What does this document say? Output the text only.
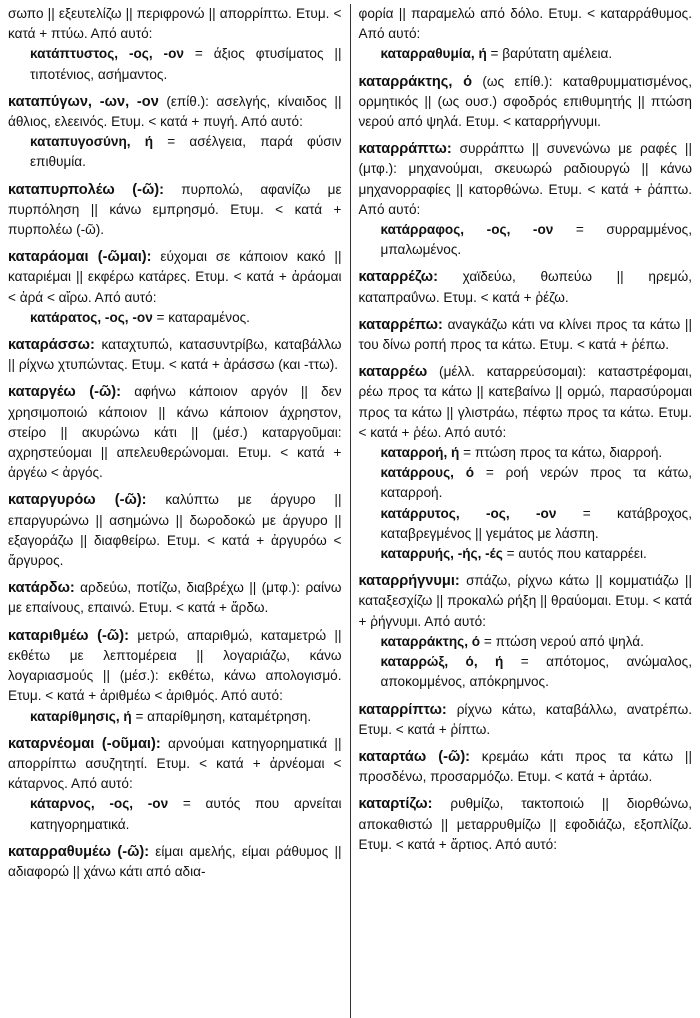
σωπο || εξευτελίζω || περιφρονώ || απορρίπτω. Ετυμ. < κατά + πτύω. Από αυτό:
κατάπτυστος, -ος, -ον = άξιος φτυσίματος || τιποτένιος, ασήμαντος.
καταπύγων, -ων, -ον (επίθ.): ασελγής, κίναιδος || άθλιος, ελεεινός. Ετυμ. < κατά + πυγή. Από αυτό:
καταπυγοσύνη, ή = ασέλγεια, παρά φύσιν επιθυμία.
καταπυρπολέω (-ῶ): πυρπολώ, αφανίζω με πυρπόληση || κάνω εμπρησμό. Ετυμ. < κατά + πυρπολέω (-ῶ).
καταράομαι (-ῶμαι): εύχομαι σε κάποιον κακό || καταριέμαι || εκφέρω κατάρες. Ετυμ. < κατά + ἀράομαι < ἀρά < αἴρω. Από αυτό:
κατάρατος, -ος, -ον = καταραμένος.
καταράσσω: καταχτυπώ, κατασυντρίβω, καταβάλλω || ρίχνω χτυπώντας. Ετυμ. < κατά + ἀράσσω (και -ττω).
καταργέω (-ῶ): αφήνω κάποιον αργόν || δεν χρησιμοποιώ κάποιον || κάνω κάποιον άχρηστον, στείρο || ακυρώνω κάτι || (μέσ.) καταργοῦμαι: αχρηστεύομαι || απελευθερώνομαι. Ετυμ. < κατά + ἀργέω < ἀργός.
καταργυρόω (-ῶ): καλύπτω με άργυρο || επαργυρώνω || ασημώνω || δωροδοκώ με άργυρο || εξαγοράζω || διαφθείρω. Ετυμ. < κατά + ἀργυρόω < ἄργυρος.
κατάρδω: αρδεύω, ποτίζω, διαβρέχω || (μτφ.): ραίνω με επαίνους, επαινώ. Ετυμ. < κατά + ἄρδω.
καταριθμέω (-ῶ): μετρώ, απαριθμώ, καταμετρώ || εκθέτω με λεπτομέρεια || λογαριάζω, κάνω λογαριασμούς || (μέσ.): εκθέτω, κάνω απολογισμό. Ετυμ. < κατά + ἀριθμέω < ἀριθμός. Από αυτό:
καταρίθμησις, ή = απαρίθμηση, καταμέτρηση.
καταρνέομαι (-οῦμαι): αρνούμαι κατηγορηματικά || απορρίπτω ασυζητητί. Ετυμ. < κατά + ἀρνέομαι < κάταρνος. Από αυτό:
κάταρνος, -ος, -ον = αυτός που αρνείται κατηγορηματικά.
καταρραθυμέω (-ῶ): είμαι αμελής, είμαι ράθυμος || αδιαφορώ || χάνω κάτι από αδια-
φορία || παραμελώ από δόλο. Ετυμ. < καταρράθυμος. Από αυτό:
καταρραθυμία, ή = βαρύτατη αμέλεια.
καταρράκτης, ό (ως επίθ.): καταθρυμματισμένος, ορμητικός || (ως ουσ.) σφοδρός επιθυμητής || πτώση νερού από ψηλά. Ετυμ. < καταρρήγνυμι.
καταρράπτω: συρράπτω || συνενώνω με ραφές || (μτφ.): μηχανούμαι, σκευωρώ ραδιουργώ || κάνω μηχανορραφίες || κατορθώνω. Ετυμ. < κατά + ῥάπτω. Από αυτό:
κατάρραφος, -ος, -ον = συρραμμένος, μπαλωμένος.
καταρρέζω: χαϊδεύω, θωπεύω || ηρεμώ, καταπραΰνω. Ετυμ. < κατά + ῥέζω.
καταρρέπω: αναγκάζω κάτι να κλίνει προς τα κάτω || του δίνω ροπή προς τα κάτω. Ετυμ. < κατά + ῥέπω.
καταρρέω (μέλλ. καταρρεύσομαι): καταστρέφομαι, ρέω προς τα κάτω || κατεβαίνω || ορμώ, παρασύρομαι προς τα κάτω || γλιστράω, πέφτω προς τα κάτω. Ετυμ. < κατά + ῥέω. Από αυτό:
καταρροή, ή = πτώση προς τα κάτω, διαρροή.
κατάρρους, ό = ροή νερών προς τα κάτω, καταρροή.
κατάρρυτος, -ος, -ον = κατάβροχος, καταβρεγμένος || γεμάτος με λάσπη.
καταρρυής, -ής, -ές = αυτός που καταρρέει.
καταρρήγνυμι: σπάζω, ρίχνω κάτω || κομματιάζω || καταξεσχίζω || προκαλώ ρήξη || θραύομαι. Ετυμ. < κατά + ῥήγνυμι. Από αυτό:
καταρράκτης, ό = πτώση νερού από ψηλά.
καταρρώξ, ό, ή = απότομος, ανώμαλος, αποκομμένος, απόκρημνος.
καταρρίπτω: ρίχνω κάτω, καταβάλλω, ανατρέπω. Ετυμ. < κατά + ῥίπτω.
καταρτάω (-ῶ): κρεμάω κάτι προς τα κάτω || προσδένω, προσαρμόζω. Ετυμ. < κατά + ἀρτάω.
καταρτίζω: ρυθμίζω, τακτοποιώ || διορθώνω, αποκαθιστώ || μεταρρυθμίζω || εφοδιάζω, εξοπλίζω. Ετυμ. < κατά + ἄρτιος. Από αυτό:
